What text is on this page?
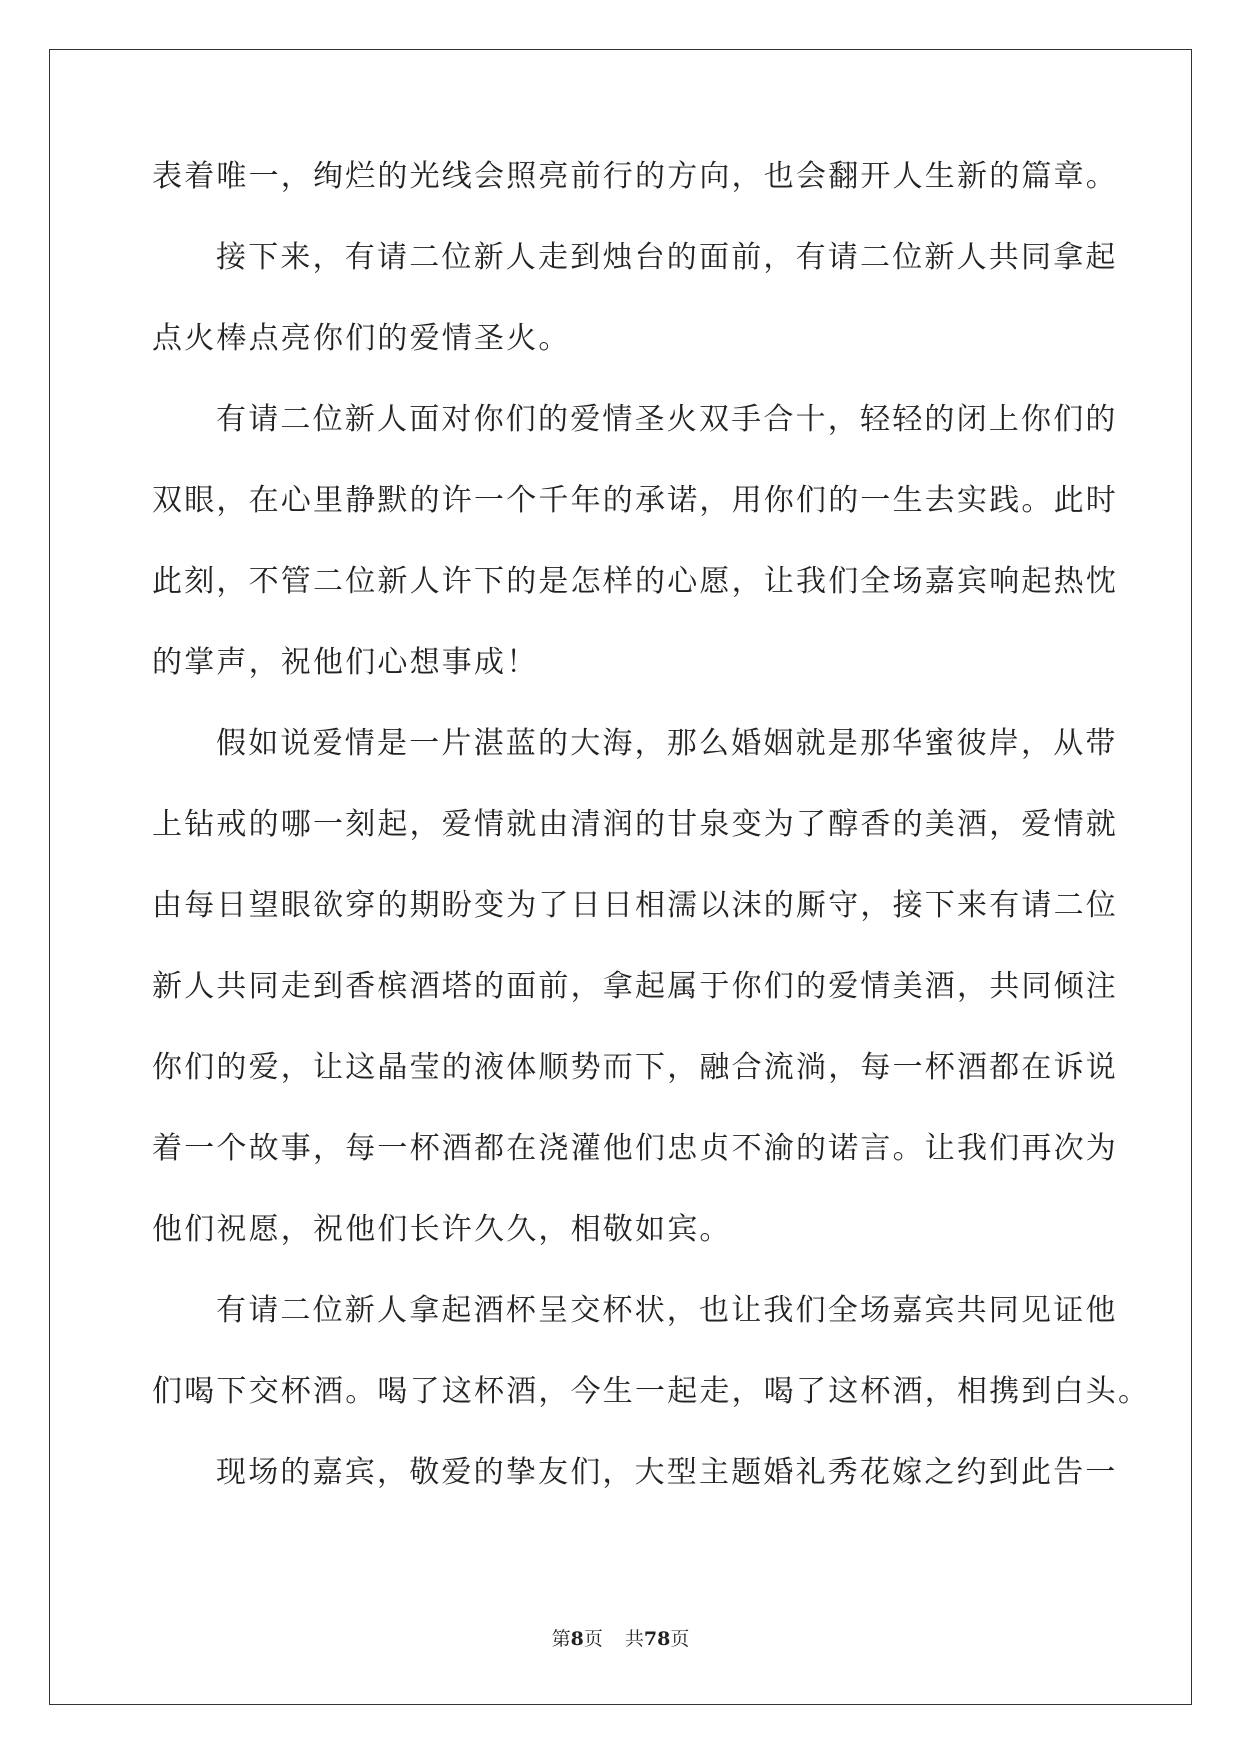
表着唯一，绚烂的光线会照亮前行的方向，也会翻开人生新的篇章。
接下来，有请二位新人走到烛台的面前，有请二位新人共同拿起
点火棒点亮你们的爱情圣火。
有请二位新人面对你们的爱情圣火双手合十，轻轻的闭上你们的
双眼，在心里静默的许一个千年的承诺，用你们的一生去实践。此时
此刻，不管二位新人许下的是怎样的心愿，让我们全场嘉宾响起热忱
的掌声，祝他们心想事成！
假如说爱情是一片湛蓝的大海，那么婚姻就是那华蜜彼岸，从带
上钻戒的哪一刻起，爱情就由清润的甘泉变为了醇香的美酒，爱情就
由每日望眼欲穿的期盼变为了日日相濡以沫的厮守，接下来有请二位
新人共同走到香槟酒塔的面前，拿起属于你们的爱情美酒，共同倾注
你们的爱，让这晶莹的液体顺势而下，融合流淌，每一杯酒都在诉说
着一个故事，每一杯酒都在浇灌他们忠贞不渝的诺言。让我们再次为
他们祝愿，祝他们长许久久，相敬如宾。
有请二位新人拿起酒杯呈交杯状，也让我们全场嘉宾共同见证他
们喝下交杯酒。喝了这杯酒，今生一起走，喝了这杯酒，相携到白头。
现场的嘉宾，敬爱的挚友们，大型主题婚礼秀花嫁之约到此告一
第8页 共78页
